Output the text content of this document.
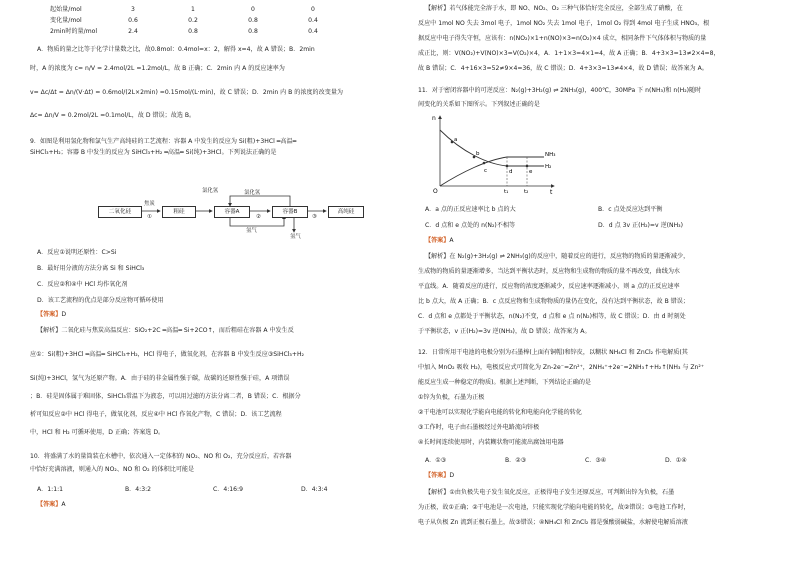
起始量/mol	3	1	0	0
变化量/mol	0.6	0.2	0.8	0.4
2min时的量/mol	2.4	0.8	0.8	0.4
A．物质的量之比等于化学计量数之比，故0.8mol：0.4mol=x：2，解得 x=4，故 A 错误；B．2min
时，A 的浓度为 c= n/V = 2.4mol/2L =1.2mol/L，故 B 正确；C．2min 内 A 的反应速率为
v= Δc/Δt = Δn/(V·Δt) = 0.6mol/(2L×2min) =0.15mol/(L·min)，故 C 错误；D．2min 内 B 的浓度的改变量为
Δc= Δn/V = 0.2mol/2L =0.1mol/L，故 D 错误；故选 B。
9．如图是利用氢化物和氯气生产高纯硅的工艺流程：容器 A 中发生的反应为 Si(粗)+3HCl ═高温═
SiHCl₃+H₂；容器 B 中发生的反应为 SiHCl₃+H₂ ═高温═ Si(纯)+3HCl。下列说法正确的是
二氧化硅	粗硅	容器A	容器B	高纯硅
焦炭
①
氯化氢	氯化氢
②
氢气
③
氢气
A．反应①说明还原性：C>Si
B．最好用分液的方法分离 Si 和 SiHCl₃
C．反应②和④中 HCl 均作氧化剂
D．该工艺流程的优点是部分反应物可循环使用
【答案】D
【解析】二氧化硅与焦炭高温反应：SiO₂+2C ═高温═ Si+2CO↑，而后粗硅在容器 A 中发生反
应①：Si(粗)+3HCl ═高温═ SiHCl₃+H₂，HCl 得电子，做氧化剂，在容器 B 中发生反应③SiHCl₃+H₂
Si(纯)+3HCl，氢气为还原产物。A．由于硅的非金属性强于碳，故碳的还原性强于硅，A 项错误
；B．硅是固体属于难固体，SiHCl₃常温下为液态，可以用过滤的方法分离二者，B 错误；C．根据分
析可知反应②中 HCl 得电子，做氧化剂，反应④中 HCl 作氧化产物，C 错误；D．该工艺流程
中，HCl 和 H₂ 可循环使用，D 正确；答案选 D。
10．将盛满了水的量筒装在水槽中，依次通入一定体积的 NO₂、NO 和 O₂，充分反应后，若容器
中恰好充满溶液，则通入的 NO₂、NO 和 O₂ 的体积比可能是
A．1:1:1	B．4:3:2	C．4:16:9	D．4:3:4
【答案】A
【解析】若气体能完全溶于水，即 NO、NO₂、O₂ 三种气体恰好完全反应，全部生成了硝酸，在
反应中 1mol NO 失去 3mol 电子，1mol NO₂ 失去 1mol 电子，1mol O₂ 得到 4mol 电子生成 HNO₃，根
据反应中电子得失守恒，应该有：n(NO₂)×1+n(NO)×3=n(O₂)×4 成立，相同条件下气体体积与物质的量
成正比，则：V(NO₂)+V(NO)×3=V(O₂)×4，A．1+1×3=4×1=4，故 A 正确；B．4+3×3=13≠2×4=8，
故 B 错误；C．4+16×3=52≠9×4=36，故 C 错误；D．4+3×3=13≠4×4，故 D 错误；故答案为 A。
11．对于密闭容器中的可逆反应：N₂(g)+3H₂(g) ⇌ 2NH₃(g)，400℃，30MPa 下 n(NH₃)和 n(H₂)随时
间变化的关系如下图所示。下列叙述正确的是
n
t
O
a
b
c	d	e
t₁	t₂
NH₃
H₂
A．a 点的正反应速率比 b 点的大	B．c 点处反应达到平衡
C．d 点和 e 点处的 n(N₂)不相等	D．d 点 3v 正(H₂)=v 逆(NH₃)
【答案】A
【解析】在 N₂(g)+3H₂(g) ⇌ 2NH₃(g)的反应中，随着反应的进行，反应物的物质的量逐渐减少，
生成物的物质的量逐渐增多，当达到平衡状态时，反应物和生成物的物质的量不再改变，曲线为水
平直线。A．随着反应的进行，反应物的浓度逐渐减少，反应速率逐渐减小，则 a 点的正反应速率
比 b 点大，故 A 正确；B．c 点反应物和生成物物质的量仍在变化，没有达到平衡状态，故 B 错误；
C．d 点和 e 点都处于平衡状态，n(N₂)不变，d 点和 e 点 n(N₂)相等，故 C 错误；D．由 d 时刻处
于平衡状态，v 正(H₂)=3v 逆(NH₃)，故 D 错误；故答案为 A。
12．日常所用干电池的电极分别为石墨棒(上面有铜帽)和锌皮，以糊状 NH₄Cl 和 ZnCl₂ 作电解质(其
中加入 MnO₂ 吸收 H₂)，电极反应式可简化为 Zn-2e⁻=Zn²⁺，2NH₄⁺+2e⁻=2NH₃↑+H₂↑(NH₃ 与 Zn²⁺
能反应生成一种稳定的物质)。根据上述判断，下列结论正确的是
①锌为负极，石墨为正极
②干电池可以实现化学能向电能的转化和电能向化学能的转化
③工作时，电子由石墨极经过外电路流向锌极
④长时间连续使用时，内装糊状物可能流出腐蚀用电器
A．①③	B．②③	C．③④	D．①④
【答案】D
【解析】①由负极失电子发生氧化反应，正极得电子发生还原反应，可判断出锌为负极，石墨
为正极，故①正确；②干电池是一次电池，只能实现化学能向电能的转化，故②错误；③电池工作时，
电子从负极 Zn 流到正极石墨上，故③错误；④NH₄Cl 和 ZnCl₂ 都是强酸弱碱盐，水解使电解质溶液
